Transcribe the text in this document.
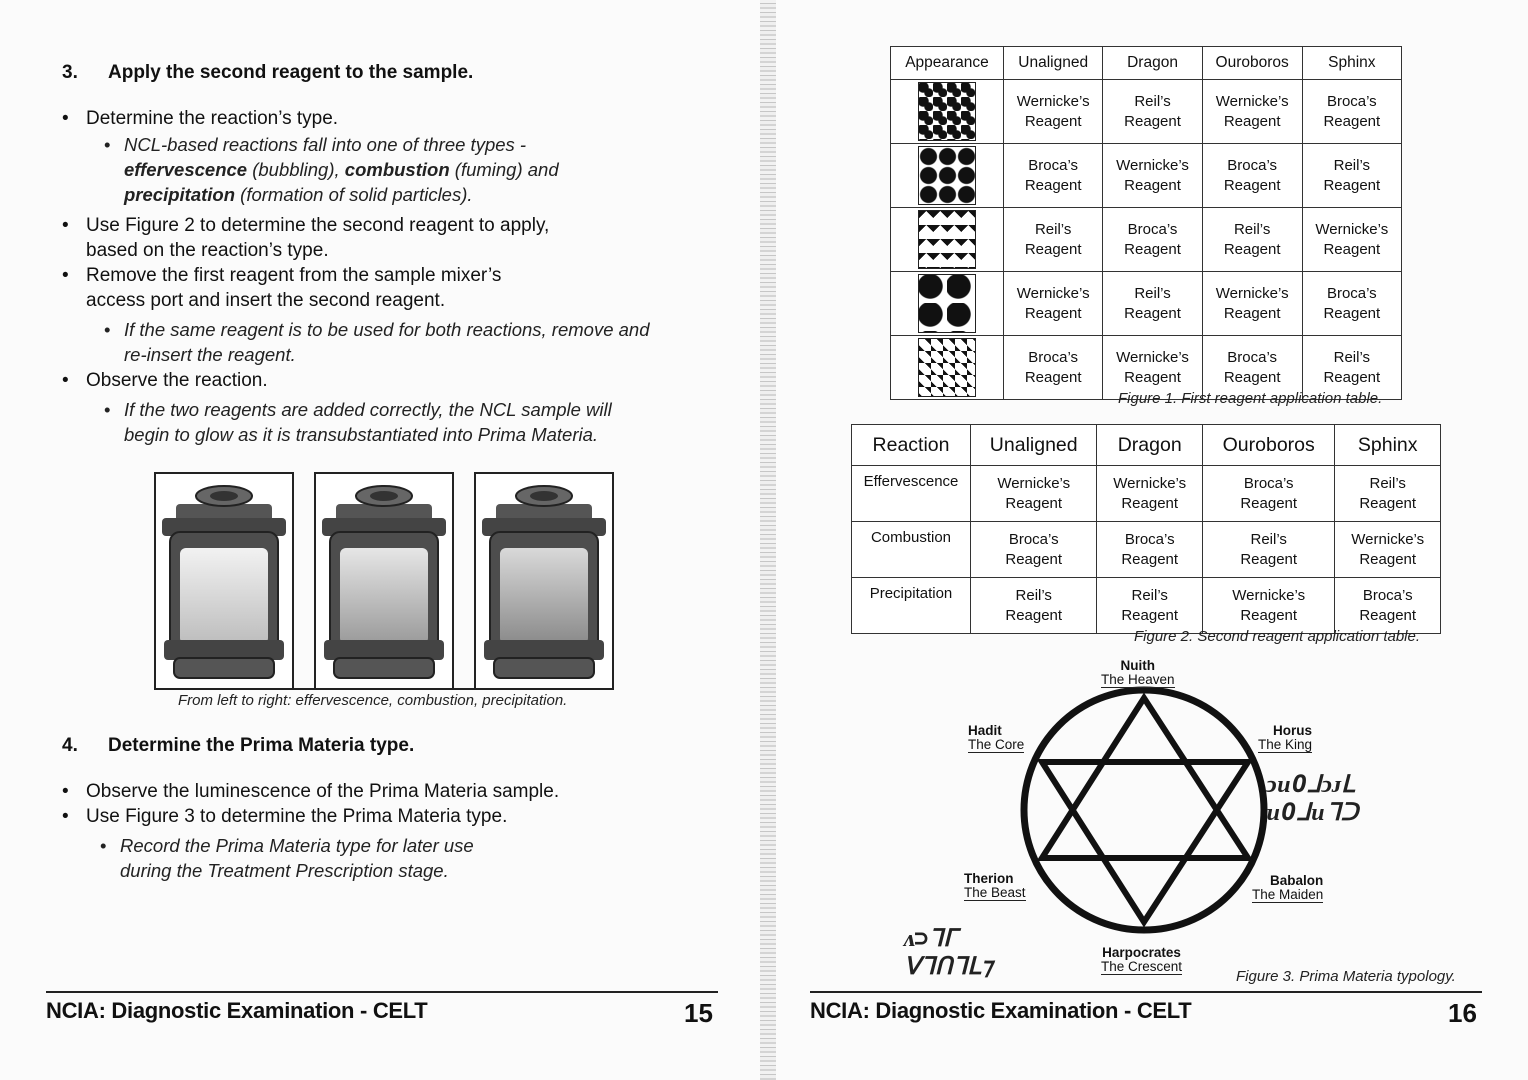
3. Apply the second reagent to the sample.
• Determine the reaction’s type.
• NCL-based reactions fall into one of three types -
effervescence (bubbling), combustion (fuming) and
precipitation (formation of solid particles).
• Use Figure 2 to determine the second reagent to apply,
based on the reaction’s type.
• Remove the first reagent from the sample mixer’s
access port and insert the second reagent.
• If the same reagent is to be used for both reactions, remove and
re-insert the reagent.
• Observe the reaction.
• If the two reagents are added correctly, the NCL sample will
begin to glow as it is transubstantiated into Prima Materia.
From left to right: effervescence, combustion, precipitation.
4. Determine the Prima Materia type.
• Observe the luminescence of the Prima Materia sample.
• Use Figure 3 to determine the Prima Materia type.
• Record the Prima Materia type for later use
during the Treatment Prescription stage.
NCIA: Diagnostic Examination - CELT	15
Appearance	Unaligned	Dragon	Ouroboros	Sphinx

	Wernicke’s
Reagent	Reil’s
Reagent	Wernicke’s
Reagent	Broca’s
Reagent

	Broca’s
Reagent	Wernicke’s
Reagent	Broca’s
Reagent	Reil’s
Reagent

	Reil’s
Reagent	Broca’s
Reagent	Reil’s
Reagent	Wernicke’s
Reagent

	Wernicke’s
Reagent	Reil’s
Reagent	Wernicke’s
Reagent	Broca’s
Reagent

	Broca’s
Reagent	Wernicke’s
Reagent	Broca’s
Reagent	Reil’s
Reagent
Figure 1. First reagent application table.
Reaction	Unaligned	Dragon	Ouroboros	Sphinx
Effervescence	Wernicke’s
Reagent	Wernicke’s
Reagent	Broca’s
Reagent	Reil’s
Reagent
Combustion	Broca’s
Reagent	Broca’s
Reagent	Reil’s
Reagent	Wernicke’s
Reagent
Precipitation	Reil’s
Reagent	Reil’s
Reagent	Wernicke’s
Reagent	Broca’s
Reagent
Figure 2. Second reagent application table.
Nuith
The Heaven
Hadit
The Core
Horus
The King
Therion
The Beast
Babalon
The Maiden
Harpocrates
The Crescent
ↄᴎOᒧↄᴊᒪ
ᴎOᒧᴎᒣᑐ
ᴧ⊃ᒣᒥ
ᐯᒣᑎᒣᒪ⁊	Figure 3. Prima Materia typology.
NCIA: Diagnostic Examination - CELT	16
